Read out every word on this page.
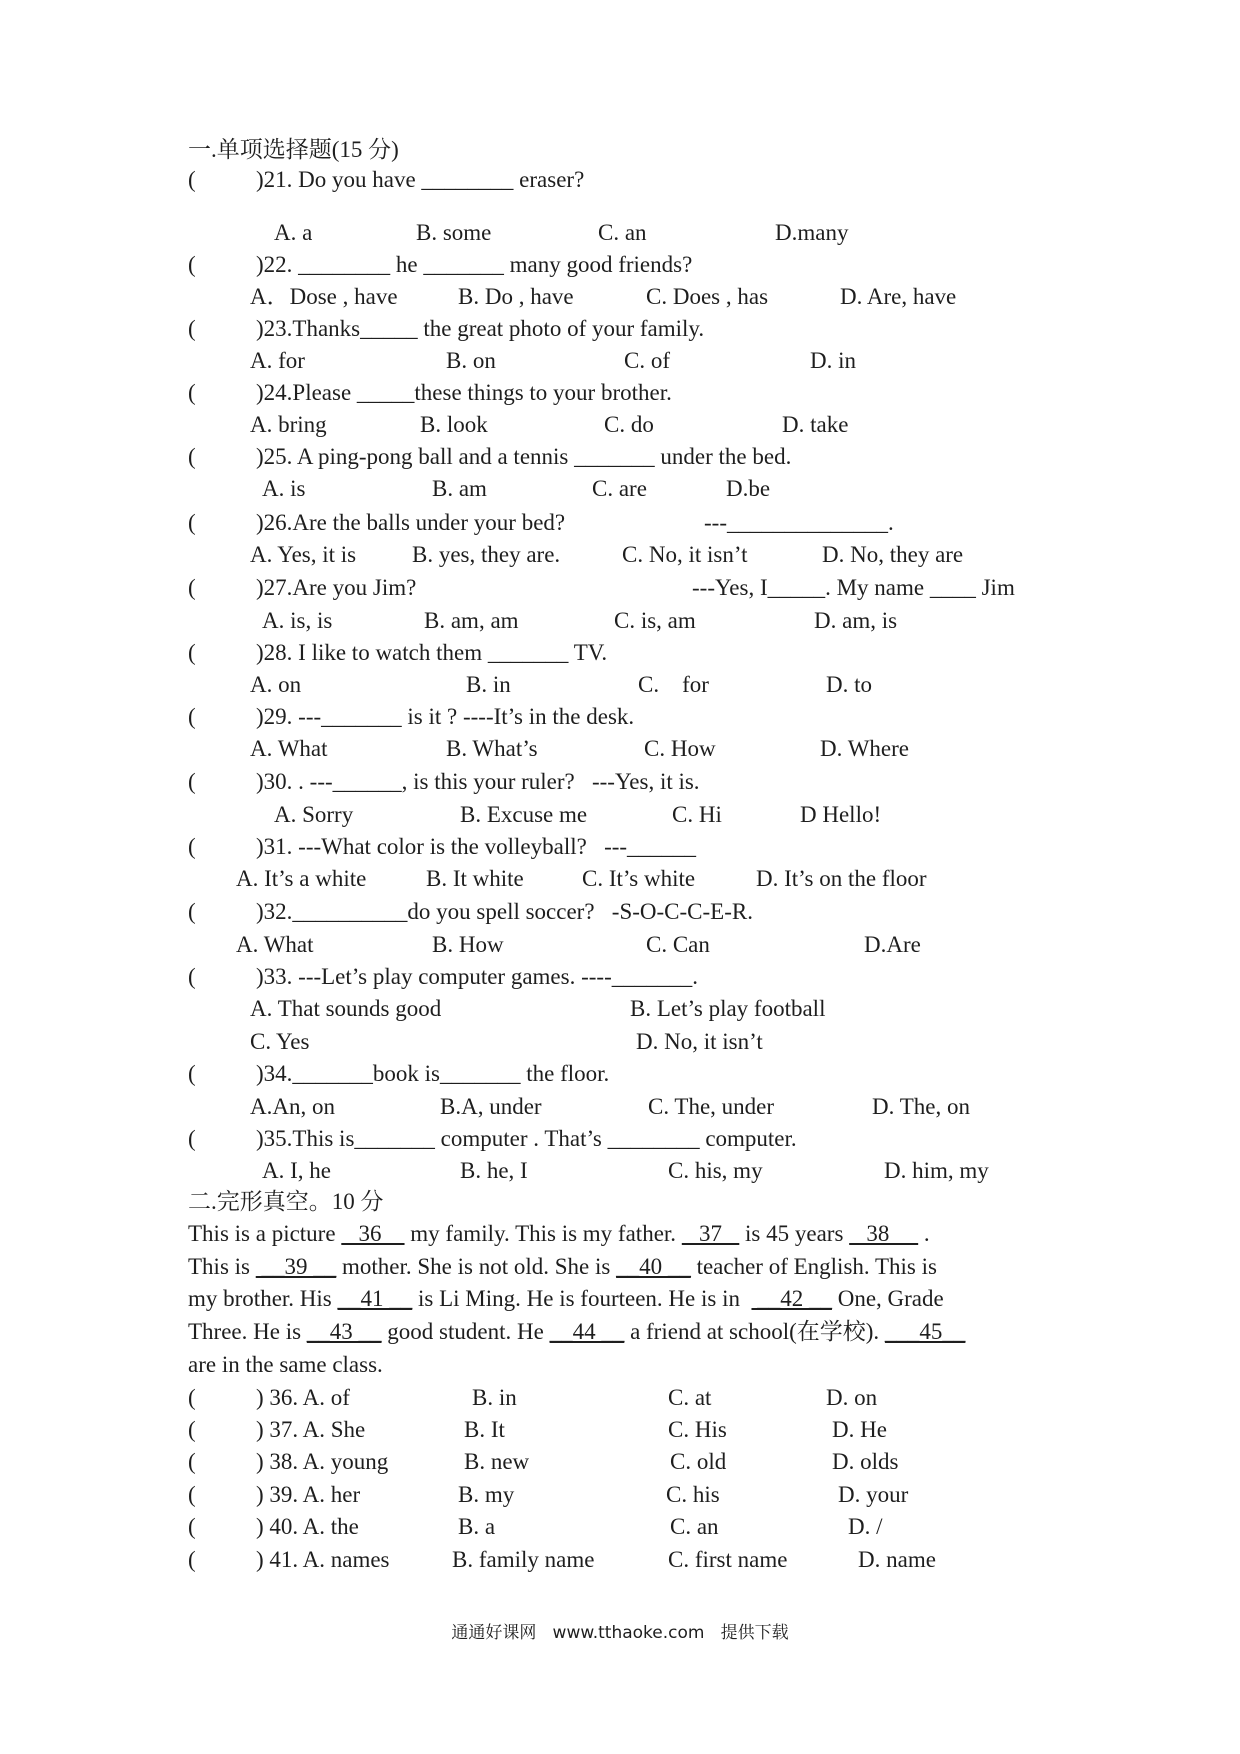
一.单项选择题(15 分)
(	)21. Do you have ________ eraser?
A. a	B. some	C. an	D.many
(	)22. ________ he _______ many good friends?
A．Dose , have	B. Do , have	C. Does , has	D. Are, have
(	)23.Thanks_____ the great photo of your family.
A. for	B. on	C. of	D. in
(	)24.Please _____these things to your brother.
A. bring	B. look	C. do	D. take
(	)25. A ping-pong ball and a tennis _______ under the bed.
A. is	B. am	C. are	D.be
(	)26.Are the balls under your bed?	---______________.
A. Yes, it is B. yes, they are.	C. No, it isn’t	D. No, they are
(	)27.Are you Jim?	---Yes, I_____. My name ____ Jim
A. is, is	B. am, am	C. is, am	D. am, is
(	)28. I like to watch them _______ TV.
A. on	B. in	C.    for	D. to
(	)29. ---_______ is it ? ----It’s in the desk.
A. What	B. What’s	C. How	D. Where
(	)30. . ---______, is this your ruler?   ---Yes, it is.
A. Sorry	B. Excuse me	C. Hi	D Hello!
(	)31. ---What color is the volleyball?   ---______
A. It’s a white	B. It white	C. It’s white	D. It’s on the floor
(	)32.__________do you spell soccer?   -S-O-C-C-E-R.
A. What	B. How	C. Can	D.Are
(	)33. ---Let’s play computer games. ----_______.
A. That sounds good	B. Let’s play football
C. Yes	D. No, it isn’t
(	)34._______book is_______ the floor.
A.An, on	B.A, under	C. The, under	D. The, on
(	)35.This is_______ computer . That’s ________ computer.
A. I, he	B. he, I	C. his, my	D. him, my
二.完形真空。10 分
This is a picture    36     my family. This is my father.    37    is 45 years    38      .
This is  __39 __ mother. She is not old. She is __40 __ teacher of English. This is
my brother. His __41 __ is Li Ming. He is fourteen. He is in   __42 __ One, Grade
Three. He is __43 __ good student. He __44 __ a friend at school(在学校). ___45__
are in the same class.
(	) 36. A. of	B. in	C. at	D. on
(	) 37. A. She	B. It	C. His	D. He
(	) 38. A. young	B. new	C. old	D. olds
(	) 39. A. her	B. my	C. his	D. your
(	) 40. A. the	B. a	C. an	D. /
(	) 41. A. names	B. family name	C. first name	D. name
通通好课网   www.tthaoke.com   提供下载
